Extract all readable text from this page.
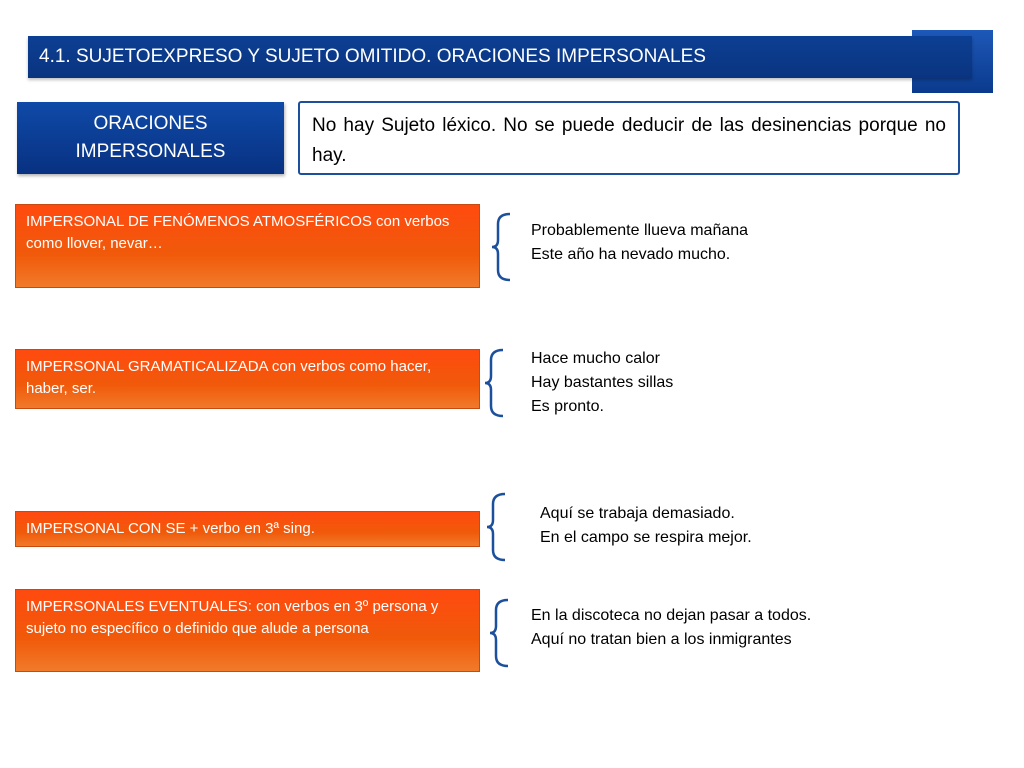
4.1. SUJETOEXPRESO Y SUJETO OMITIDO. ORACIONES IMPERSONALES
ORACIONES
IMPERSONALES
No hay Sujeto léxico. No se puede deducir de las desinencias porque no hay.
IMPERSONAL DE FENÓMENOS ATMOSFÉRICOS con verbos como llover, nevar…
Probablemente llueva mañana
Este año ha nevado mucho.
IMPERSONAL GRAMATICALIZADA con verbos como hacer, haber, ser.
Hace mucho calor
Hay bastantes sillas
Es pronto.
IMPERSONAL CON SE + verbo en 3ª sing.
Aquí se trabaja demasiado.
En el campo se respira mejor.
IMPERSONALES EVENTUALES: con verbos en 3º persona y sujeto no específico o definido que alude a persona
En la discoteca no dejan pasar a todos.
Aquí no tratan bien a los inmigrantes
